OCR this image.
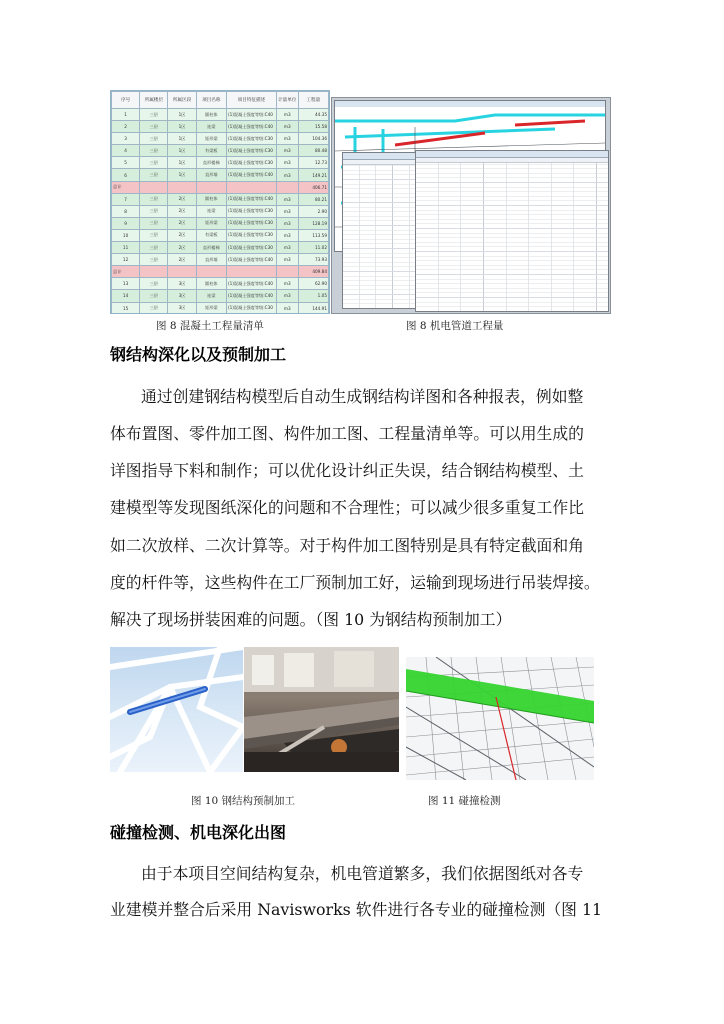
序号	所属楼层	所属区段	项目名称	项目特征描述	计量单位	工程量
1	三层	1区	圆柱体	(1)混凝土强度等级:C40	m3	44.35
2	三层	1区	连梁	(1)混凝土强度等级:C40	m3	15.58
3	三层	1区	矩形梁	(1)混凝土强度等级:C30	m3	104.36
4	三层	1区	有梁板	(1)混凝土强度等级:C30	m3	80.48
5	三层	1区	直形楼梯	(1)混凝土强度等级:C30	m3	12.73
6	三层	1区	直形墙	(1)混凝土强度等级:C40	m3	149.21
总计						406.71
7	三层	2区	圆柱体	(1)混凝土强度等级:C40	m3	80.21
8	三层	2区	连梁	(1)混凝土强度等级:C30	m3	2.90
9	三层	2区	矩形梁	(1)混凝土强度等级:C30	m3	128.19
10	三层	2区	有梁板	(1)混凝土强度等级:C30	m3	113.59
11	三层	2区	直形楼梯	(1)混凝土强度等级:C30	m3	11.02
12	三层	2区	直形墙	(1)混凝土强度等级:C40	m3	73.93
总计						409.84
13	三层	3区	圆柱体	(1)混凝土强度等级:C40	m3	62.90
14	三层	3区	连梁	(1)混凝土强度等级:C40	m3	1.05
15	三层	3区	矩形梁	(1)混凝土强度等级:C30	m3	144.91

图 8 混凝土工程量清单	图 8 机电管道工程量
钢结构深化以及预制加工
通过创建钢结构模型后自动生成钢结构详图和各种报表，例如整
体布置图、零件加工图、构件加工图、工程量清单等。可以用生成的
详图指导下料和制作；可以优化设计纠正失误，结合钢结构模型、土
建模型等发现图纸深化的问题和不合理性；可以减少很多重复工作比
如二次放样、二次计算等。对于构件加工图特别是具有特定截面和角
度的杆件等，这些构件在工厂预制加工好，运输到现场进行吊装焊接。
解决了现场拼装困难的问题。（图 10 为钢结构预制加工）
图 10 钢结构预制加工	图 11 碰撞检测
碰撞检测、机电深化出图
由于本项目空间结构复杂，机电管道繁多，我们依据图纸对各专
业建模并整合后采用 Navisworks 软件进行各专业的碰撞检测（图 11
